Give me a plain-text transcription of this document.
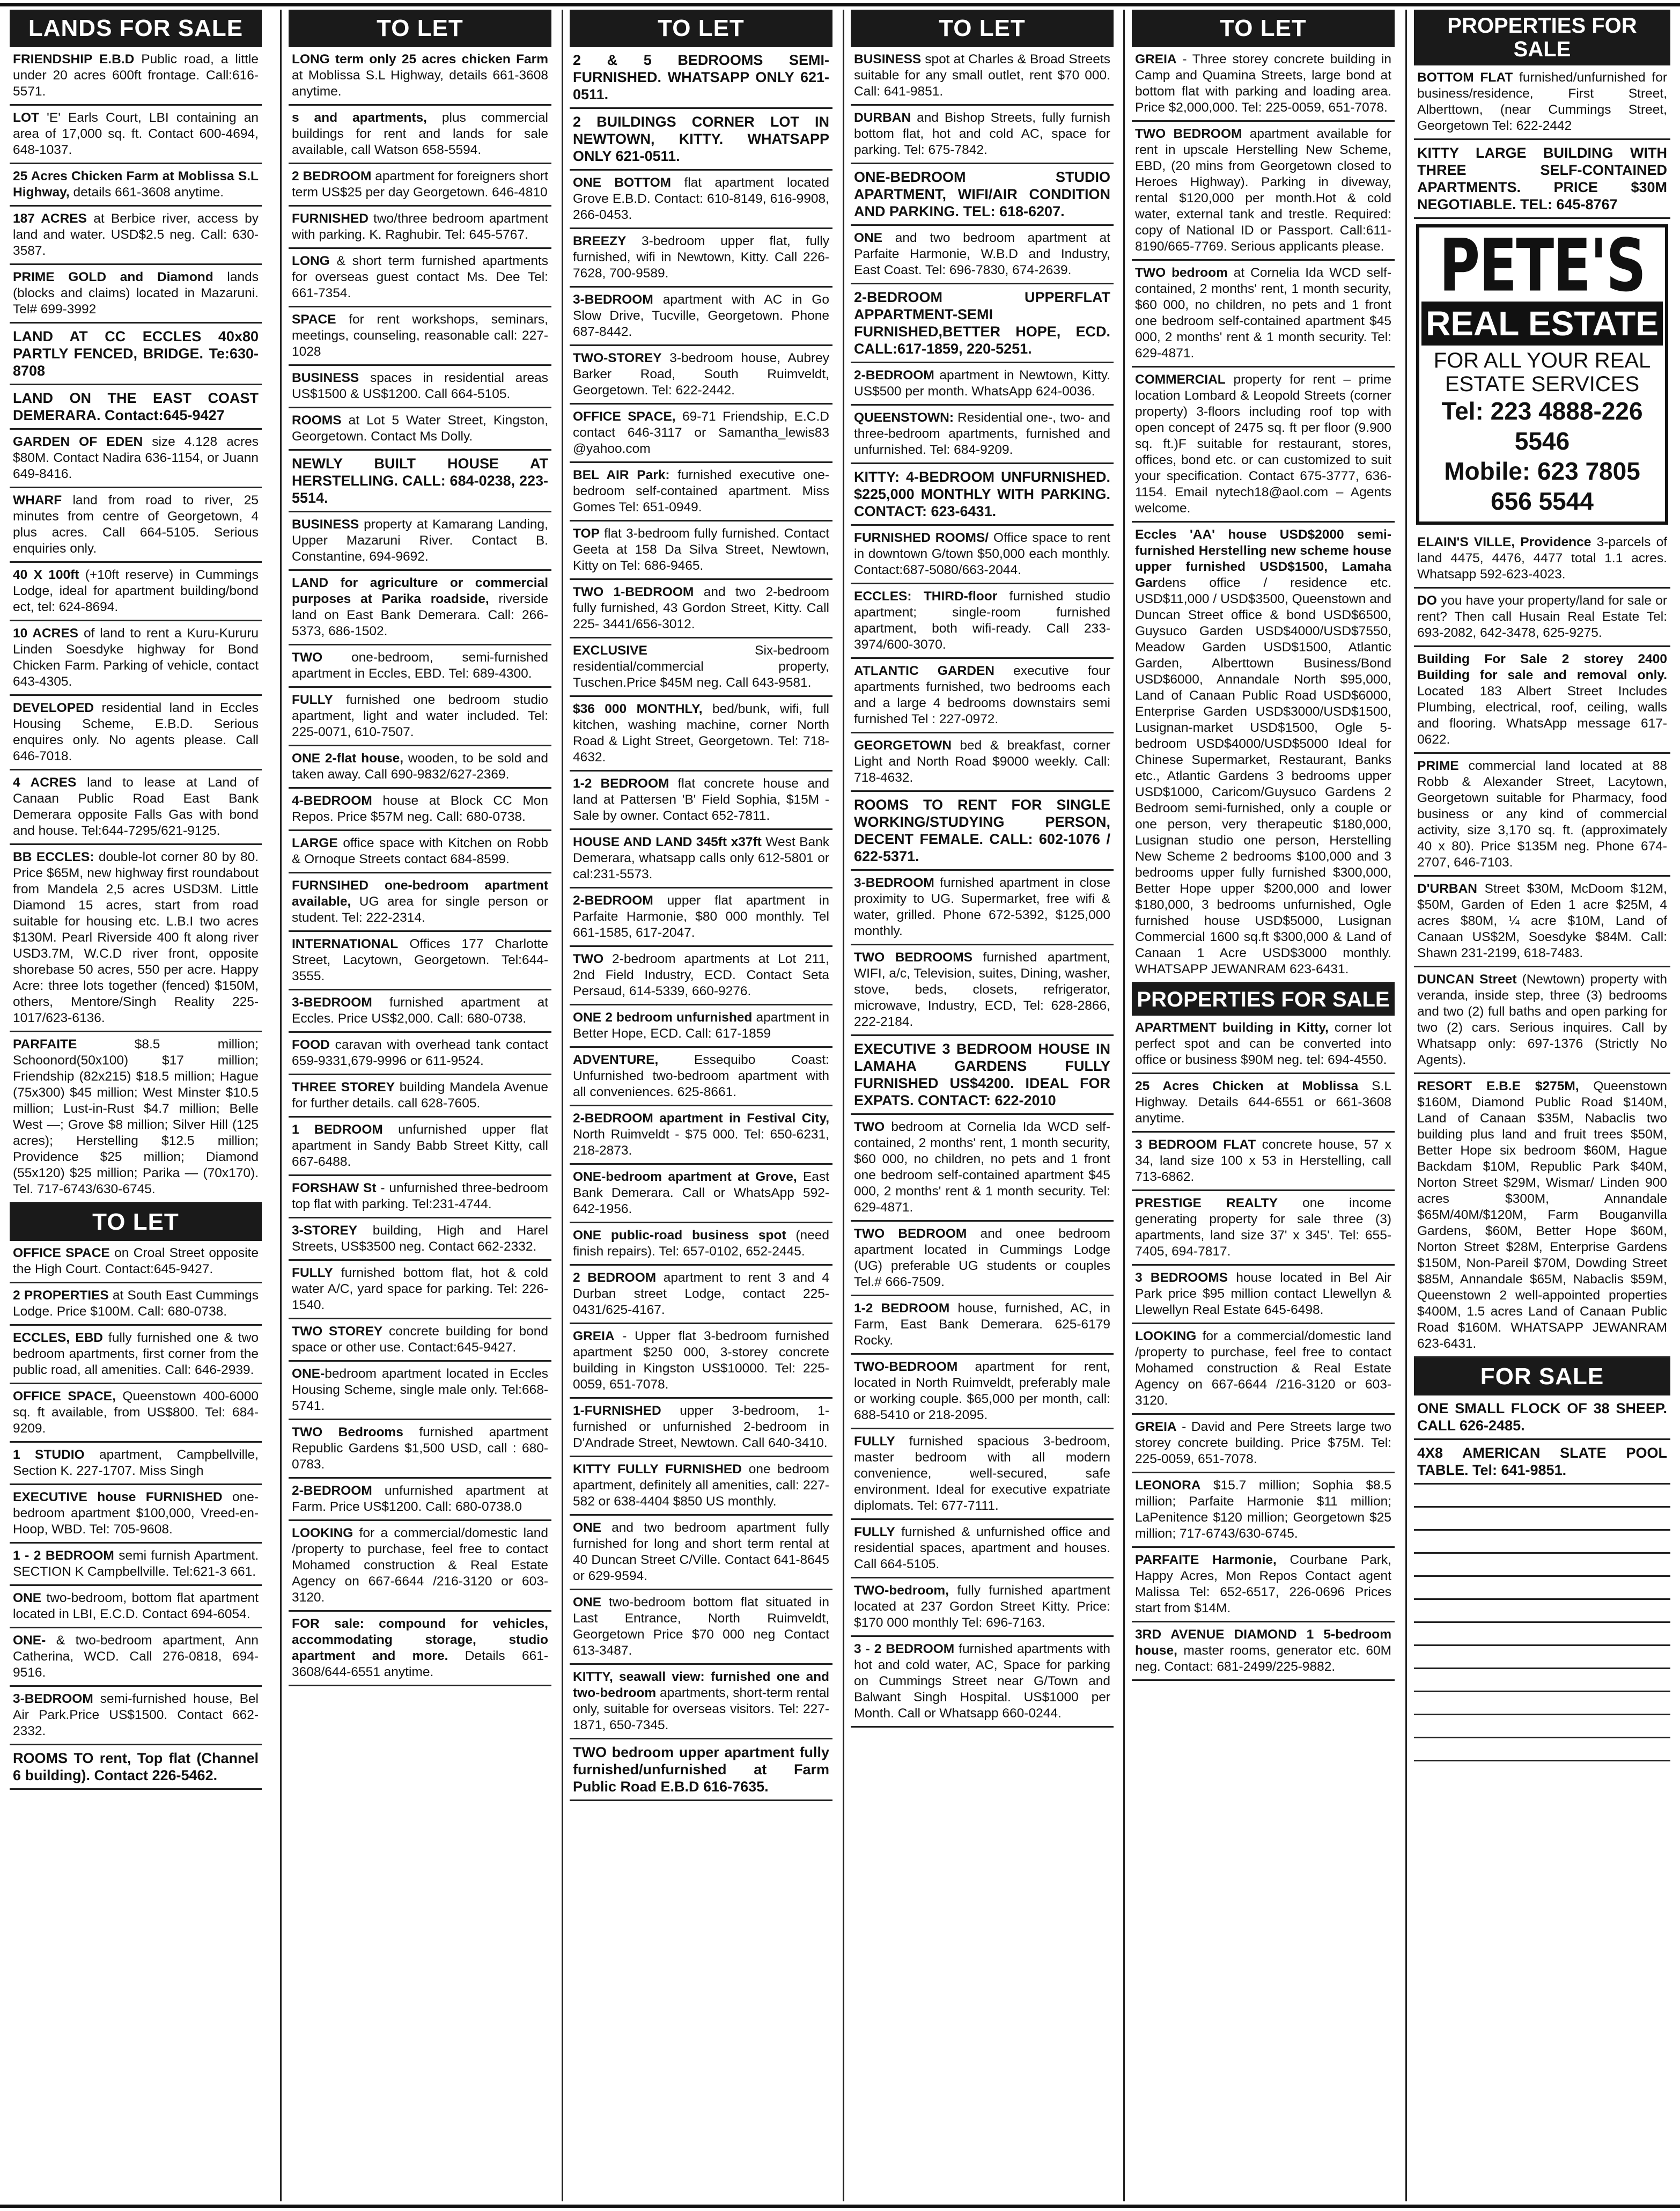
LANDS FOR SALE
FRIENDSHIP E.B.D Public road, a little under 20 acres 600ft frontage. Call:616-5571.
LOT 'E' Earls Court, LBI containing an area of 17,000 sq. ft. Contact 600-4694, 648-1037.
25 Acres Chicken Farm at Moblissa S.L Highway, details 661-3608 anytime.
187 ACRES at Berbice river, access by land and water. USD$2.5 neg. Call: 630-3587.
PRIME GOLD and Diamond lands (blocks and claims) located in Mazaruni. Tel# 699-3992
LAND AT CC ECCLES 40x80 PARTLY FENCED, BRIDGE. Te:630-8708
LAND ON THE EAST COAST DEMERARA. Contact:645-9427
GARDEN OF EDEN size 4.128 acres $80M. Contact Nadira 636-1154, or Juann 649-8416.
WHARF land from road to river, 25 minutes from centre of Georgetown, 4 plus acres. Call 664-5105. Serious enquiries only.
40 X 100ft (+10ft reserve) in Cummings Lodge, ideal for apartment building/bond ect, tel: 624-8694.
10 ACRES of land to rent a Kuru-Kururu Linden Soesdyke highway for Bond Chicken Farm. Parking of vehicle, contact 643-4305.
DEVELOPED residential land in Eccles Housing Scheme, E.B.D. Serious enquires only. No agents please. Call 646-7018.
4 ACRES land to lease at Land of Canaan Public Road East Bank Demerara opposite Falls Gas with bond and house. Tel:644-7295/621-9125.
BB ECCLES: double-lot corner 80 by 80. Price $65M, new highway first roundabout from Mandela 2,5 acres USD3M. Little Diamond 15 acres, start from road suitable for housing etc. L.B.I two acres $130M. Pearl Riverside 400 ft along river USD3.7M, W.C.D river front, opposite shorebase 50 acres, 550 per acre. Happy Acre: three lots together (fenced) $150M, others, Mentore/Singh Reality 225-1017/623-6136.
PARFAITE $8.5 million; Schoonord(50x100) $17 million; Friendship (82x215) $18.5 million; Hague (75x300) $45 million; West Minster $10.5 million; Lust-in-Rust $4.7 million; Belle West —; Grove $8 million; Silver Hill (125 acres); Herstelling $12.5 million; Providence $25 million; Diamond (55x120) $25 million; Parika — (70x170). Tel. 717-6743/630-6745.
TO LET
OFFICE SPACE on Croal Street opposite the High Court. Contact:645-9427.
2 PROPERTIES at South East Cummings Lodge. Price $100M. Call: 680-0738.
ECCLES, EBD fully furnished one & two bedroom apartments, first corner from the public road, all amenities. Call: 646-2939.
OFFICE SPACE, Queenstown 400-6000 sq. ft available, from US$800. Tel: 684-9209.
1 STUDIO apartment, Campbellville, Section K. 227-1707. Miss Singh
EXECUTIVE house FURNISHED one-bedroom apartment $100,000, Vreed-en-Hoop, WBD. Tel: 705-9608.
1 - 2 BEDROOM semi furnish Apartment. SECTION K Campbellville. Tel:621-3 661.
ONE two-bedroom, bottom flat apartment located in LBI, E.C.D. Contact 694-6054.
ONE- & two-bedroom apartment, Ann Catherina, WCD. Call 276-0818, 694-9516.
3-BEDROOM semi-furnished house, Bel Air Park.Price US$1500. Contact 662-2332.
ROOMS TO rent, Top flat (Channel 6 building). Contact 226-5462.
TO LET
LONG term only 25 acres chicken Farm at Moblissa S.L Highway, details 661-3608 anytime.
s and apartments, plus commercial buildings for rent and lands for sale available, call Watson 658-5594.
2 BEDROOM apartment for foreigners short term US$25 per day Georgetown. 646-4810
FURNISHED two/three bedroom apartment with parking. K. Raghubir. Tel: 645-5767.
LONG & short term furnished apartments for overseas guest contact Ms. Dee Tel: 661-7354.
SPACE for rent workshops, seminars, meetings, counseling, reasonable call: 227-1028
BUSINESS spaces in residential areas US$1500 & US$1200. Call 664-5105.
ROOMS at Lot 5 Water Street, Kingston, Georgetown. Contact Ms Dolly.
NEWLY BUILT HOUSE AT HERSTELLING. CALL: 684-0238, 223-5514.
BUSINESS property at Kamarang Landing, Upper Mazaruni River. Contact B. Constantine, 694-9692.
LAND for agriculture or commercial purposes at Parika roadside, riverside land on East Bank Demerara. Call: 266-5373, 686-1502.
TWO one-bedroom, semi-furnished apartment in Eccles, EBD. Tel: 689-4300.
FULLY furnished one bedroom studio apartment, light and water included. Tel: 225-0071, 610-7507.
ONE 2-flat house, wooden, to be sold and taken away. Call 690-9832/627-2369.
4-BEDROOM house at Block CC Mon Repos. Price $57M neg. Call: 680-0738.
LARGE office space with Kitchen on Robb & Ornoque Streets contact 684-8599.
FURNSIHED one-bedroom apartment available, UG area for single person or student. Tel: 222-2314.
INTERNATIONAL Offices 177 Charlotte Street, Lacytown, Georgetown. Tel:644-3555.
3-BEDROOM furnished apartment at Eccles. Price US$2,000. Call: 680-0738.
FOOD caravan with overhead tank contact 659-9331,679-9996 or 611-9524.
THREE STOREY building Mandela Avenue for further details. call 628-7605.
1 BEDROOM unfurnished upper flat apartment in Sandy Babb Street Kitty, call 667-6488.
FORSHAW St - unfurnished three-bedroom top flat with parking. Tel:231-4744.
3-STOREY building, High and Harel Streets, US$3500 neg. Contact 662-2332.
FULLY furnished bottom flat, hot & cold water A/C, yard space for parking. Tel: 226-1540.
TWO STOREY concrete building for bond space or other use. Contact:645-9427.
ONE-bedroom apartment located in Eccles Housing Scheme, single male only. Tel:668-5741.
TWO Bedrooms furnished apartment Republic Gardens $1,500 USD, call : 680-0783.
2-BEDROOM unfurnished apartment at Farm. Price US$1200. Call: 680-0738.0
LOOKING for a commercial/domestic land /property to purchase, feel free to contact Mohamed construction & Real Estate Agency on 667-6644 /216-3120 or 603-3120.
FOR sale: compound for vehicles, accommodating storage, studio apartment and more. Details 661-3608/644-6551 anytime.
TO LET
2 & 5 BEDROOMS SEMI-FURNISHED. WHATSAPP ONLY 621-0511.
2 BUILDINGS CORNER LOT IN NEWTOWN, KITTY. WHATSAPP ONLY 621-0511.
ONE BOTTOM flat apartment located Grove E.B.D. Contact: 610-8149, 616-9908, 266-0453.
BREEZY 3-bedroom upper flat, fully furnished, wifi in Newtown, Kitty. Call 226-7628, 700-9589.
3-BEDROOM apartment with AC in Go Slow Drive, Tucville, Georgetown. Phone 687-8442.
TWO-STOREY 3-bedroom house, Aubrey Barker Road, South Ruimveldt, Georgetown. Tel: 622-2442.
OFFICE SPACE, 69-71 Friendship, E.C.D contact 646-3117 or Samantha_lewis83 @yahoo.com
BEL AIR Park: furnished executive one-bedroom self-contained apartment. Miss Gomes Tel: 651-0949.
TOP flat 3-bedroom fully furnished. Contact Geeta at 158 Da Silva Street, Newtown, Kitty on Tel: 686-9465.
TWO 1-BEDROOM and two 2-bedroom fully furnished, 43 Gordon Street, Kitty. Call 225- 3441/656-3012.
EXCLUSIVE Six-bedroom residential/commercial property, Tuschen.Price $45M neg. Call 643-9581.
$36 000 MONTHLY, bed/bunk, wifi, full kitchen, washing machine, corner North Road & Light Street, Georgetown. Tel: 718-4632.
1-2 BEDROOM flat concrete house and land at Pattersen 'B' Field Sophia, $15M - Sale by owner. Contact 652-7811.
HOUSE AND LAND 345ft x37ft West Bank Demerara, whatsapp calls only 612-5801 or cal:231-5573.
2-BEDROOM upper flat apartment in Parfaite Harmonie, $80 000 monthly. Tel 661-1585, 617-2047.
TWO 2-bedroom apartments at Lot 211, 2nd Field Industry, ECD. Contact Seta Persaud, 614-5339, 660-9276.
ONE 2 bedroom unfurnished apartment in Better Hope, ECD. Call: 617-1859
ADVENTURE, Essequibo Coast: Unfurnished two-bedroom apartment with all conveniences. 625-8661.
2-BEDROOM apartment in Festival City, North Ruimveldt - $75 000. Tel: 650-6231, 218-2873.
ONE-bedroom apartment at Grove, East Bank Demerara. Call or WhatsApp 592-642-1956.
ONE public-road business spot (need finish repairs). Tel: 657-0102, 652-2445.
2 BEDROOM apartment to rent 3 and 4 Durban street Lodge, contact 225-0431/625-4167.
GREIA - Upper flat 3-bedroom furnished apartment $250 000, 3-storey concrete building in Kingston US$10000. Tel: 225-0059, 651-7078.
1-FURNISHED upper 3-bedroom, 1-furnished or unfurnished 2-bedroom in D'Andrade Street, Newtown. Call 640-3410.
KITTY FULLY FURNISHED one bedroom apartment, definitely all amenities, call: 227-582 or 638-4404 $850 US monthly.
ONE and two bedroom apartment fully furnished for long and short term rental at 40 Duncan Street C/Ville. Contact 641-8645 or 629-9594.
ONE two-bedroom bottom flat situated in Last Entrance, North Ruimveldt, Georgetown Price $70 000 neg Contact 613-3487.
KITTY, seawall view: furnished one and two-bedroom apartments, short-term rental only, suitable for overseas visitors. Tel: 227-1871, 650-7345.
TWO bedroom upper apartment fully furnished/unfurnished at Farm Public Road E.B.D 616-7635.
TO LET
BUSINESS spot at Charles & Broad Streets suitable for any small outlet, rent $70 000. Call: 641-9851.
DURBAN and Bishop Streets, fully furnish bottom flat, hot and cold AC, space for parking. Tel: 675-7842.
ONE-BEDROOM STUDIO APARTMENT, WIFI/AIR CONDITION AND PARKING. TEL: 618-6207.
ONE and two bedroom apartment at Parfaite Harmonie, W.B.D and Industry, East Coast. Tel: 696-7830, 674-2639.
2-BEDROOM UPPERFLAT APPARTMENT-SEMI FURNISHED,BETTER HOPE, ECD. CALL:617-1859, 220-5251.
2-BEDROOM apartment in Newtown, Kitty. US$500 per month. WhatsApp 624-0036.
QUEENSTOWN: Residential one-, two- and three-bedroom apartments, furnished and unfurnished. Tel: 684-9209.
KITTY: 4-BEDROOM UNFURNISHED. $225,000 MONTHLY WITH PARKING. CONTACT: 623-6431.
FURNISHED ROOMS/ Office space to rent in downtown G/town $50,000 each monthly. Contact:687-5080/663-2044.
ECCLES: THIRD-floor furnished studio apartment; single-room furnished apartment, both wifi-ready. Call 233-3974/600-3070.
ATLANTIC GARDEN executive four apartments furnished, two bedrooms each and a large 4 bedrooms downstairs semi furnished Tel : 227-0972.
GEORGETOWN bed & breakfast, corner Light and North Road $9000 weekly. Call: 718-4632.
ROOMS TO RENT FOR SINGLE WORKING/STUDYING PERSON, DECENT FEMALE. CALL: 602-1076 / 622-5371.
3-BEDROOM furnished apartment in close proximity to UG. Supermarket, free wifi & water, grilled. Phone 672-5392, $125,000 monthly.
TWO BEDROOMS furnished apartment, WIFI, a/c, Television, suites, Dining, washer, stove, beds, closets, refrigerator, microwave, Industry, ECD, Tel: 628-2866, 222-2184.
EXECUTIVE 3 BEDROOM HOUSE IN LAMAHA GARDENS FULLY FURNISHED US$4200. IDEAL FOR EXPATS. CONTACT: 622-2010
TWO bedroom at Cornelia Ida WCD self-contained, 2 months' rent, 1 month security, $60 000, no children, no pets and 1 front one bedroom self-contained apartment $45 000, 2 months' rent & 1 month security. Tel: 629-4871.
TWO BEDROOM and onee bedroom apartment located in Cummings Lodge (UG) preferable UG students or couples Tel.# 666-7509.
1-2 BEDROOM house, furnished, AC, in Farm, East Bank Demerara. 625-6179 Rocky.
TWO-BEDROOM apartment for rent, located in North Ruimveldt, preferably male or working couple. $65,000 per month, call: 688-5410 or 218-2095.
FULLY furnished spacious 3-bedroom, master bedroom with all modern convenience, well-secured, safe environment. Ideal for executive expatriate diplomats. Tel: 677-7111.
FULLY furnished & unfurnished office and residential spaces, apartment and houses. Call 664-5105.
TWO-bedroom, fully furnished apartment located at 237 Gordon Street Kitty. Price: $170 000 monthly Tel: 696-7163.
3 - 2 BEDROOM furnished apartments with hot and cold water, AC, Space for parking on Cummings Street near G/Town and Balwant Singh Hospital. US$1000 per Month. Call or Whatsapp 660-0244.
TO LET
GREIA - Three storey concrete building in Camp and Quamina Streets, large bond at bottom flat with parking and loading area. Price $2,000,000. Tel: 225-0059, 651-7078.
TWO BEDROOM apartment available for rent in upscale Herstelling New Scheme, EBD, (20 mins from Georgetown closed to Heroes Highway). Parking in diveway, rental $120,000 per month.Hot & cold water, external tank and trestle. Required: copy of National ID or Passport. Call:611-8190/665-7769. Serious applicants please.
TWO bedroom at Cornelia Ida WCD self-contained, 2 months' rent, 1 month security, $60 000, no children, no pets and 1 front one bedroom self-contained apartment $45 000, 2 months' rent & 1 month security. Tel: 629-4871.
COMMERCIAL property for rent – prime location Lombard & Leopold Streets (corner property) 3-floors including roof top with open concept of 2475 sq. ft per floor (9.900 sq. ft.)F suitable for restaurant, stores, offices, bond etc. or can customized to suit your specification. Contact 675-3777, 636-1154. Email nytech18@aol.com – Agents welcome.
Eccles 'AA' house USD$2000 semi- furnished Herstelling new scheme house upper furnished USD$1500, Lamaha Gardens office / residence etc. USD$11,000 / USD$3500, Queenstown and Duncan Street office & bond USD$6500, Guysuco Garden USD$4000/USD$7550, Meadow Garden USD$1500, Atlantic Garden, Alberttown Business/Bond USD$6000, Annandale North $95,000, Land of Canaan Public Road USD$6000, Enterprise Garden USD$3000/USD$1500, Lusignan-market USD$1500, Ogle 5-bedroom USD$4000/USD$5000 Ideal for Chinese Supermarket, Restaurant, Banks etc., Atlantic Gardens 3 bedrooms upper USD$1000, Caricom/Guysuco Gardens 2 Bedroom semi-furnished, only a couple or one person, very therapeutic $180,000, Lusignan studio one person, Herstelling New Scheme 2 bedrooms $100,000 and 3 bedrooms upper fully furnished $300,000, Better Hope upper $200,000 and lower $180,000, 3 bedrooms unfurnished, Ogle furnished house USD$5000, Lusignan Commercial 1600 sq.ft $300,000 & Land of Canaan 1 Acre USD$3000 monthly. WHATSAPP JEWANRAM 623-6431.
PROPERTIES FOR SALE
APARTMENT building in Kitty, corner lot perfect spot and can be converted into office or business $90M neg. tel: 694-4550.
25 Acres Chicken at Moblissa S.L Highway. Details 644-6551 or 661-3608 anytime.
3 BEDROOM FLAT concrete house, 57 x 34, land size 100 x 53 in Herstelling, call 713-6862.
PRESTIGE REALTY one income generating property for sale three (3) apartments, land size 37' x 345'. Tel: 655-7405, 694-7817.
3 BEDROOMS house located in Bel Air Park price $95 million contact Llewellyn & Llewellyn Real Estate 645-6498.
LOOKING for a commercial/domestic land /property to purchase, feel free to contact Mohamed construction & Real Estate Agency on 667-6644 /216-3120 or 603-3120.
GREIA - David and Pere Streets large two storey concrete building. Price $75M. Tel: 225-0059, 651-7078.
LEONORA $15.7 million; Sophia $8.5 million; Parfaite Harmonie $11 million; LaPenitence $120 million; Georgetown $25 million; 717-6743/630-6745.
PARFAITE Harmonie, Courbane Park, Happy Acres, Mon Repos Contact agent Malissa Tel: 652-6517, 226-0696 Prices start from $14M.
3RD AVENUE DIAMOND 1 5-bedroom house, master rooms, generator etc. 60M neg. Contact: 681-2499/225-9882.
PROPERTIES FOR SALE
BOTTOM FLAT furnished/unfurnished for business/residence, First Street, Alberttown, (near Cummings Street, Georgetown Tel: 622-2442
KITTY LARGE BUILDING WITH THREE SELF-CONTAINED APARTMENTS. PRICE $30M NEGOTIABLE. TEL: 645-8767
PETE'S
REAL ESTATE
FOR ALL YOUR REAL ESTATE SERVICES
Tel: 223 4888-226 5546
Mobile: 623 7805 656 5544
ELAIN'S VILLE, Providence 3-parcels of land 4475, 4476, 4477 total 1.1 acres. Whatsapp 592-623-4023.
DO you have your property/land for sale or rent? Then call Husain Real Estate Tel: 693-2082, 642-3478, 625-9275.
Building For Sale 2 storey 2400 Building for sale and removal only. Located 183 Albert Street Includes Plumbing, electrical, roof, ceiling, walls and flooring. WhatsApp message 617-0622.
PRIME commercial land located at 88 Robb & Alexander Street, Lacytown, Georgetown suitable for Pharmacy, food business or any kind of commercial activity, size 3,170 sq. ft. (approximately 40 x 80). Price $135M neg. Phone 674-2707, 646-7103.
D'URBAN Street $30M, McDoom $12M, $50M, Garden of Eden 1 acre $25M, 4 acres $80M, ¼ acre $10M, Land of Canaan US$2M, Soesdyke $84M. Call: Shawn 231-2199, 618-7483.
DUNCAN Street (Newtown) property with veranda, inside step, three (3) bedrooms and two (2) full baths and open parking for two (2) cars. Serious inquires. Call by Whatsapp only: 697-1376 (Strictly No Agents).
RESORT E.B.E $275M, Queenstown $160M, Diamond Public Road $140M, Land of Canaan $35M, Nabaclis two building plus land and fruit trees $50M, Better Hope six bedroom $60M, Hague Backdam $10M, Republic Park $40M, Norton Street $29M, Wismar/ Linden 900 acres $300M, Annandale $65M/40M/$120M, Farm Bouganvilla Gardens, $60M, Better Hope $60M, Norton Street $28M, Enterprise Gardens $150M, Non-Pareil $70M, Dowding Street $85M, Annandale $65M, Nabaclis $59M, Queenstown 2 well-appointed properties $400M, 1.5 acres Land of Canaan Public Road $160M. WHATSAPP JEWANRAM 623-6431.
FOR SALE
ONE SMALL FLOCK OF 38 SHEEP. CALL 626-2485.
4X8 AMERICAN SLATE POOL TABLE. Tel: 641-9851.
